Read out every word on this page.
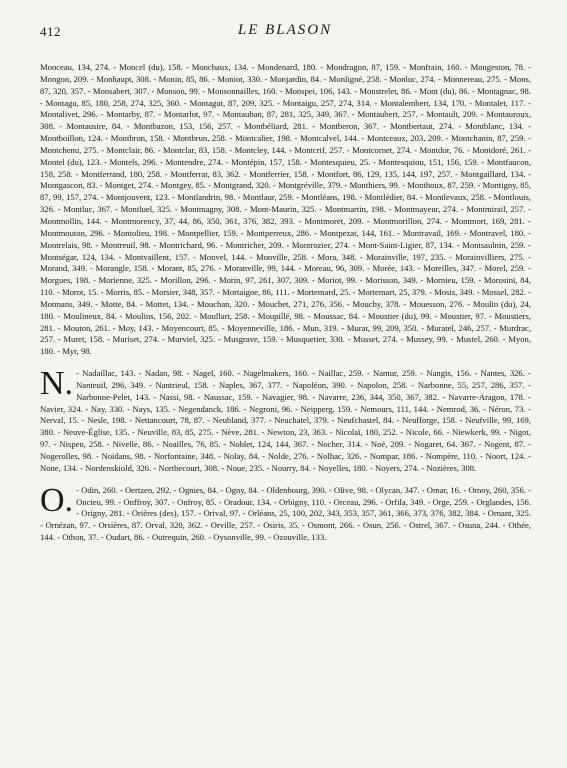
412	LE BLASON

Monceau, 134, 274. - Moncel (du), 158. - Monchaux, 134. - Mondenard, 180. - Mondragon, 87, 159. - Monfrain, 160. - Mongeston, 78. - Mongon, 209. - Monhaupt, 308. - Monin, 85, 86. - Moniot, 330. - Monjardin, 84. - Monligné, 258. - Monluc, 274. - Monnereau, 275. - Mons, 87, 320, 357. - Monsabert, 307. - Monson, 99. - Monsonnailles, 160. - Monspei, 106, 143. - Monstrelet, 86. - Mont (du), 86. - Montagnac, 98. - Montagu, 85, 180, 258, 274, 325, 360. - Montagut, 87, 209, 325. - Montaigu, 257, 274, 314. - Montalembert, 134, 170. - Montalet, 117. - Montalivet, 296. - Montarby, 87. - Montarlot, 97. - Montauban, 87, 281, 325, 349, 367. - Montaubert, 257. - Montault, 209. - Montauroux, 308. - Montausire, 84. - Montbazon, 153, 156, 257. - Montbéliard, 281. - Montberon, 367. - Montbertaut, 274. - Montblanc, 134. - Montboillon, 124. - Montbron, 158. - Montbrun, 258. - Montcalier, 198. - Montcalvel, 144. - Montceaux, 203, 209. - Montchanin, 87, 259. - Montchenu, 275. - Montclair, 86. - Montclar, 83, 158. - Montcley, 144. - Montcrif, 257. - Montcornet, 274. - Montdor, 76. - Montdoré, 261. - Montel (du), 123. - Montels, 296. - Montendre, 274. - Montépin, 157, 158. - Montesquieu, 25. - Montesquiou, 151, 156, 159. - Montfaucon, 158, 258. - Montferrand, 180, 258. - Montferrat, 83, 362. - Montferrier, 158. - Montfort, 86, 129, 135, 144, 197, 257. - Montgaillard, 134. - Montgascon, 83. - Montget, 274. - Montgey, 85. - Montgrand, 320. - Montgréville, 379. - Monthiers, 99. - Monthoux, 87, 259. - Montigny, 85, 87, 99, 157, 274. - Montjouvent, 123. - Montlandrin, 98. - Montlaur, 259. - Montléans, 198. - Montlédier, 84. - Montlevaux, 258. - Montlouis, 326. - Montluc, 367. - Montluel, 325. - Montmagny, 308. - Mont-Maurin, 325. - Montmartin, 198. - Montmayeur, 274. - Montmirail, 257. - Montmollin, 144. - Montmorency, 37, 44, 86, 350, 361, 376, 382, 393. - Montmoret, 209. - Montmorillon, 274. - Montmort, 169, 281. - Montmouton, 296. - Montolieu, 198. - Montpellier, 159. - Montperreux, 286. - Montpezat, 144, 161. - Montravail, 169. - Montravel, 180. - Montrelais, 98. - Montreuil, 98. - Montrichard, 96. - Montricher, 209. - Montrozier, 274. - Mont-Saint-Ligier, 87, 134. - Montsaulnin, 259. - Montségar, 124, 134. - Montvaillent, 157. - Monvel, 144. - Monville, 258. - Mora, 348. - Morainville, 197, 235. - Morainvilliers, 275. - Morand, 349. - Morangle, 158. - Morant, 85, 276. - Moranville, 99, 144. - Moreau, 96, 309. - Morée, 143. - Moreilles, 347. - Morel, 259. - Morgues, 198. - Morienne, 325. - Morillon, 296. - Morin, 97, 261, 307, 309. - Moriot, 99. - Morisson, 349. - Mornieu, 159. - Morosini, 84, 110. - Morot, 15. - Morris, 85. - Morsier, 348, 357. - Mortaigne, 86, 111. - Mortemard, 25. - Mortemart, 25, 379. - Mosis, 349. - Mossel, 282. - Motmans, 349. - Motte, 84. - Mottet, 134. - Mouchan, 320. - Mouchet, 271, 276, 356. - Mouchy, 378. - Mouesson, 276. - Moulin (du), 24, 180. - Moulineux, 84. - Moulins, 156, 202. - Moullart, 258. - Moupillé, 98. - Moussac, 84. - Moustier (du), 99. - Moustier, 97. - Moustiers, 281. - Mouton, 261. - Moy, 143. - Moyencourt, 85. - Moyenneville, 186. - Mun, 319. - Murat, 99, 209, 350. - Muratel, 246, 257. - Murdrac, 257. - Muret, 158. - Muriset, 274. - Murviel, 325. - Musgrave, 159. - Musquetier, 330. - Musset, 274. - Mussey, 99. - Mustel, 260. - Myon, 180. - Myr, 98.

N. - Nadaillac, 143. - Nadan, 98. - Nagel, 160. - Nagelmakers, 160. - Naillac, 259. - Namur, 259. - Nangis, 156. - Nantes, 326. - Nanteuil, 296, 349. - Nantrieul, 158. - Naples, 367, 377. - Napoléon, 390. - Napolon, 258. - Narbonne, 55, 257, 286, 357. - Narbonne-Pelet, 143. - Nassi, 98. - Naussac, 159. - Navagier, 98. - Navarre, 236, 344, 350, 367, 382. - Navarre-Aragon, 178. - Navier, 324. - Nay, 330. - Nays, 135. - Negendanck, 186. - Negroni, 96. - Neipperg, 159. - Nemours, 111, 144. - Nemrod, 36. - Néron, 73. - Nerval, 15. - Nesle, 198. - Nettancourt, 78, 87. - Neubland, 377. - Neuchatel, 379. - Neufchastel, 84. - Neufforge, 158. - Neufville, 99, 169, 380. - Neuve-Église, 135. - Neuville, 83, 85, 275. - Nève, 281. - Newton, 23, 363. - Nicolaï, 180, 252. - Nicole, 66. - Niewkerk, 99. - Nigot, 97. - Nispen, 258. - Nivelle, 86. - Noailles, 76, 85. - Noblet, 124, 144, 367. - Nocher, 314. - Noé, 209. - Nogaret, 64. 367. - Nogent, 87. - Nogerolles, 98. - Noidans, 98. - Norfontaine, 348. - Nolay, 84. - Nolde, 276. - Nolhac, 326. - Nompar, 186. - Nompère, 110. - Noort, 124. - None, 134. - Nordenskiold, 326. - Nortbecourt, 308. - Noue, 235. - Nourry, 84. - Noyelles, 180. - Noyers, 274. - Nozières, 308.

O. - Odin, 260. - Oertzen, 292. - Ognies, 84. - Ogny, 84. - Oldenbourg, 390. - Olive, 98. - Olycan, 347. - Omar, 16. - Omoy, 260, 356. - Oncieu, 99. - Onffroy, 307. - Onfroy, 85. - Oradour, 134. - Orbigny, 110. - Orceau, 296. - Orfila, 349. - Orge, 259. - Orglandes, 156. - Origny, 281. - Orières (des), 157. - Orival, 97. - Orléans, 25, 100, 202, 343, 353, 357, 361, 366, 373, 376, 382, 384. - Ornant, 325. - Ornézan, 97. - Orsières, 87. Orval, 320, 362. - Orville, 257. - Osiris, 35. - Osmont, 266. - Osun, 256. - Ostrel, 367. - Osuna, 244. - Othée, 144. - Othon, 37. - Oudart, 86. - Outrequin, 260. - Oysonville, 99. - Ozouville, 133.
